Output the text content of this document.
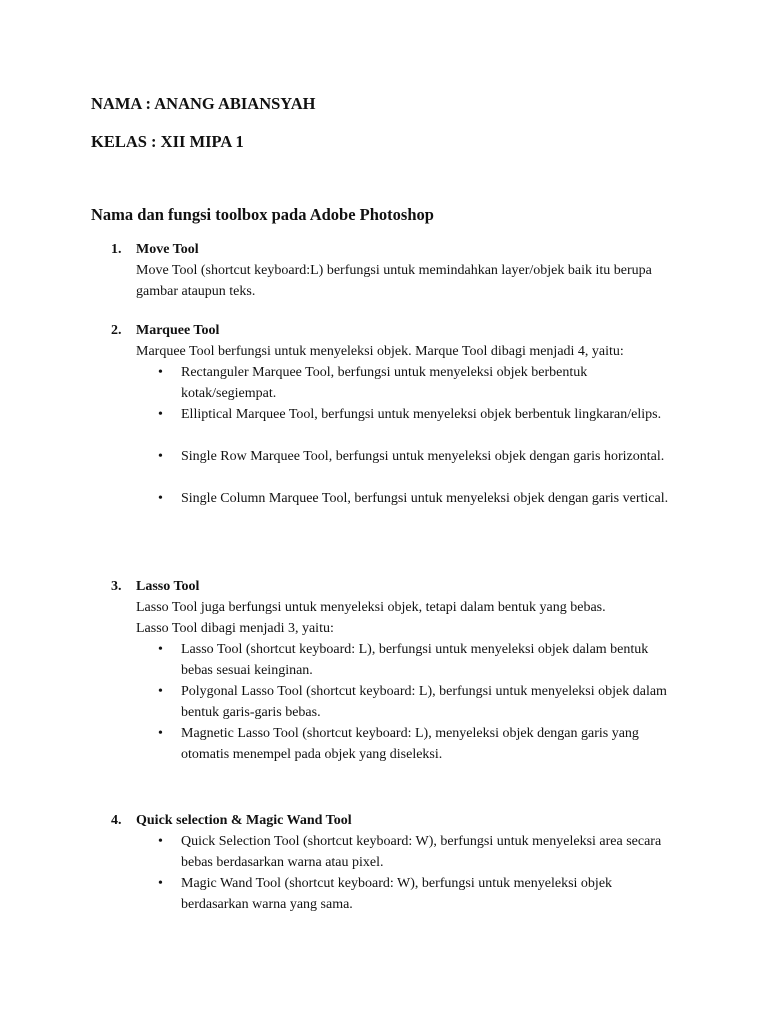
NAMA : ANANG ABIANSYAH

KELAS : XII MIPA 1

Nama dan fungsi toolbox pada Adobe Photoshop

1. Move Tool
Move Tool (shortcut keyboard:L) berfungsi untuk memindahkan layer/objek baik itu berupa gambar ataupun teks.
2. Marquee Tool
Marquee Tool berfungsi untuk menyeleksi objek. Marque Tool dibagi menjadi 4, yaitu:
• Rectanguler Marquee Tool, berfungsi untuk menyeleksi objek berbentuk kotak/segiempat.
• Elliptical Marquee Tool, berfungsi untuk menyeleksi objek berbentuk lingkaran/elips.
• Single Row Marquee Tool, berfungsi untuk menyeleksi objek dengan garis horizontal.
• Single Column Marquee Tool, berfungsi untuk menyeleksi objek dengan garis vertical.
3. Lasso Tool
Lasso Tool juga berfungsi untuk menyeleksi objek, tetapi dalam bentuk yang bebas. Lasso Tool dibagi menjadi 3, yaitu:
• Lasso Tool (shortcut keyboard: L), berfungsi untuk menyeleksi objek dalam bentuk bebas sesuai keinginan.
• Polygonal Lasso Tool (shortcut keyboard: L), berfungsi untuk menyeleksi objek dalam bentuk garis-garis bebas.
• Magnetic Lasso Tool (shortcut keyboard: L), menyeleksi objek dengan garis yang otomatis menempel pada objek yang diseleksi.
4. Quick selection & Magic Wand Tool
• Quick Selection Tool (shortcut keyboard: W), berfungsi untuk menyeleksi area secara bebas berdasarkan warna atau pixel.
• Magic Wand Tool (shortcut keyboard: W), berfungsi untuk menyeleksi objek berdasarkan warna yang sama.
